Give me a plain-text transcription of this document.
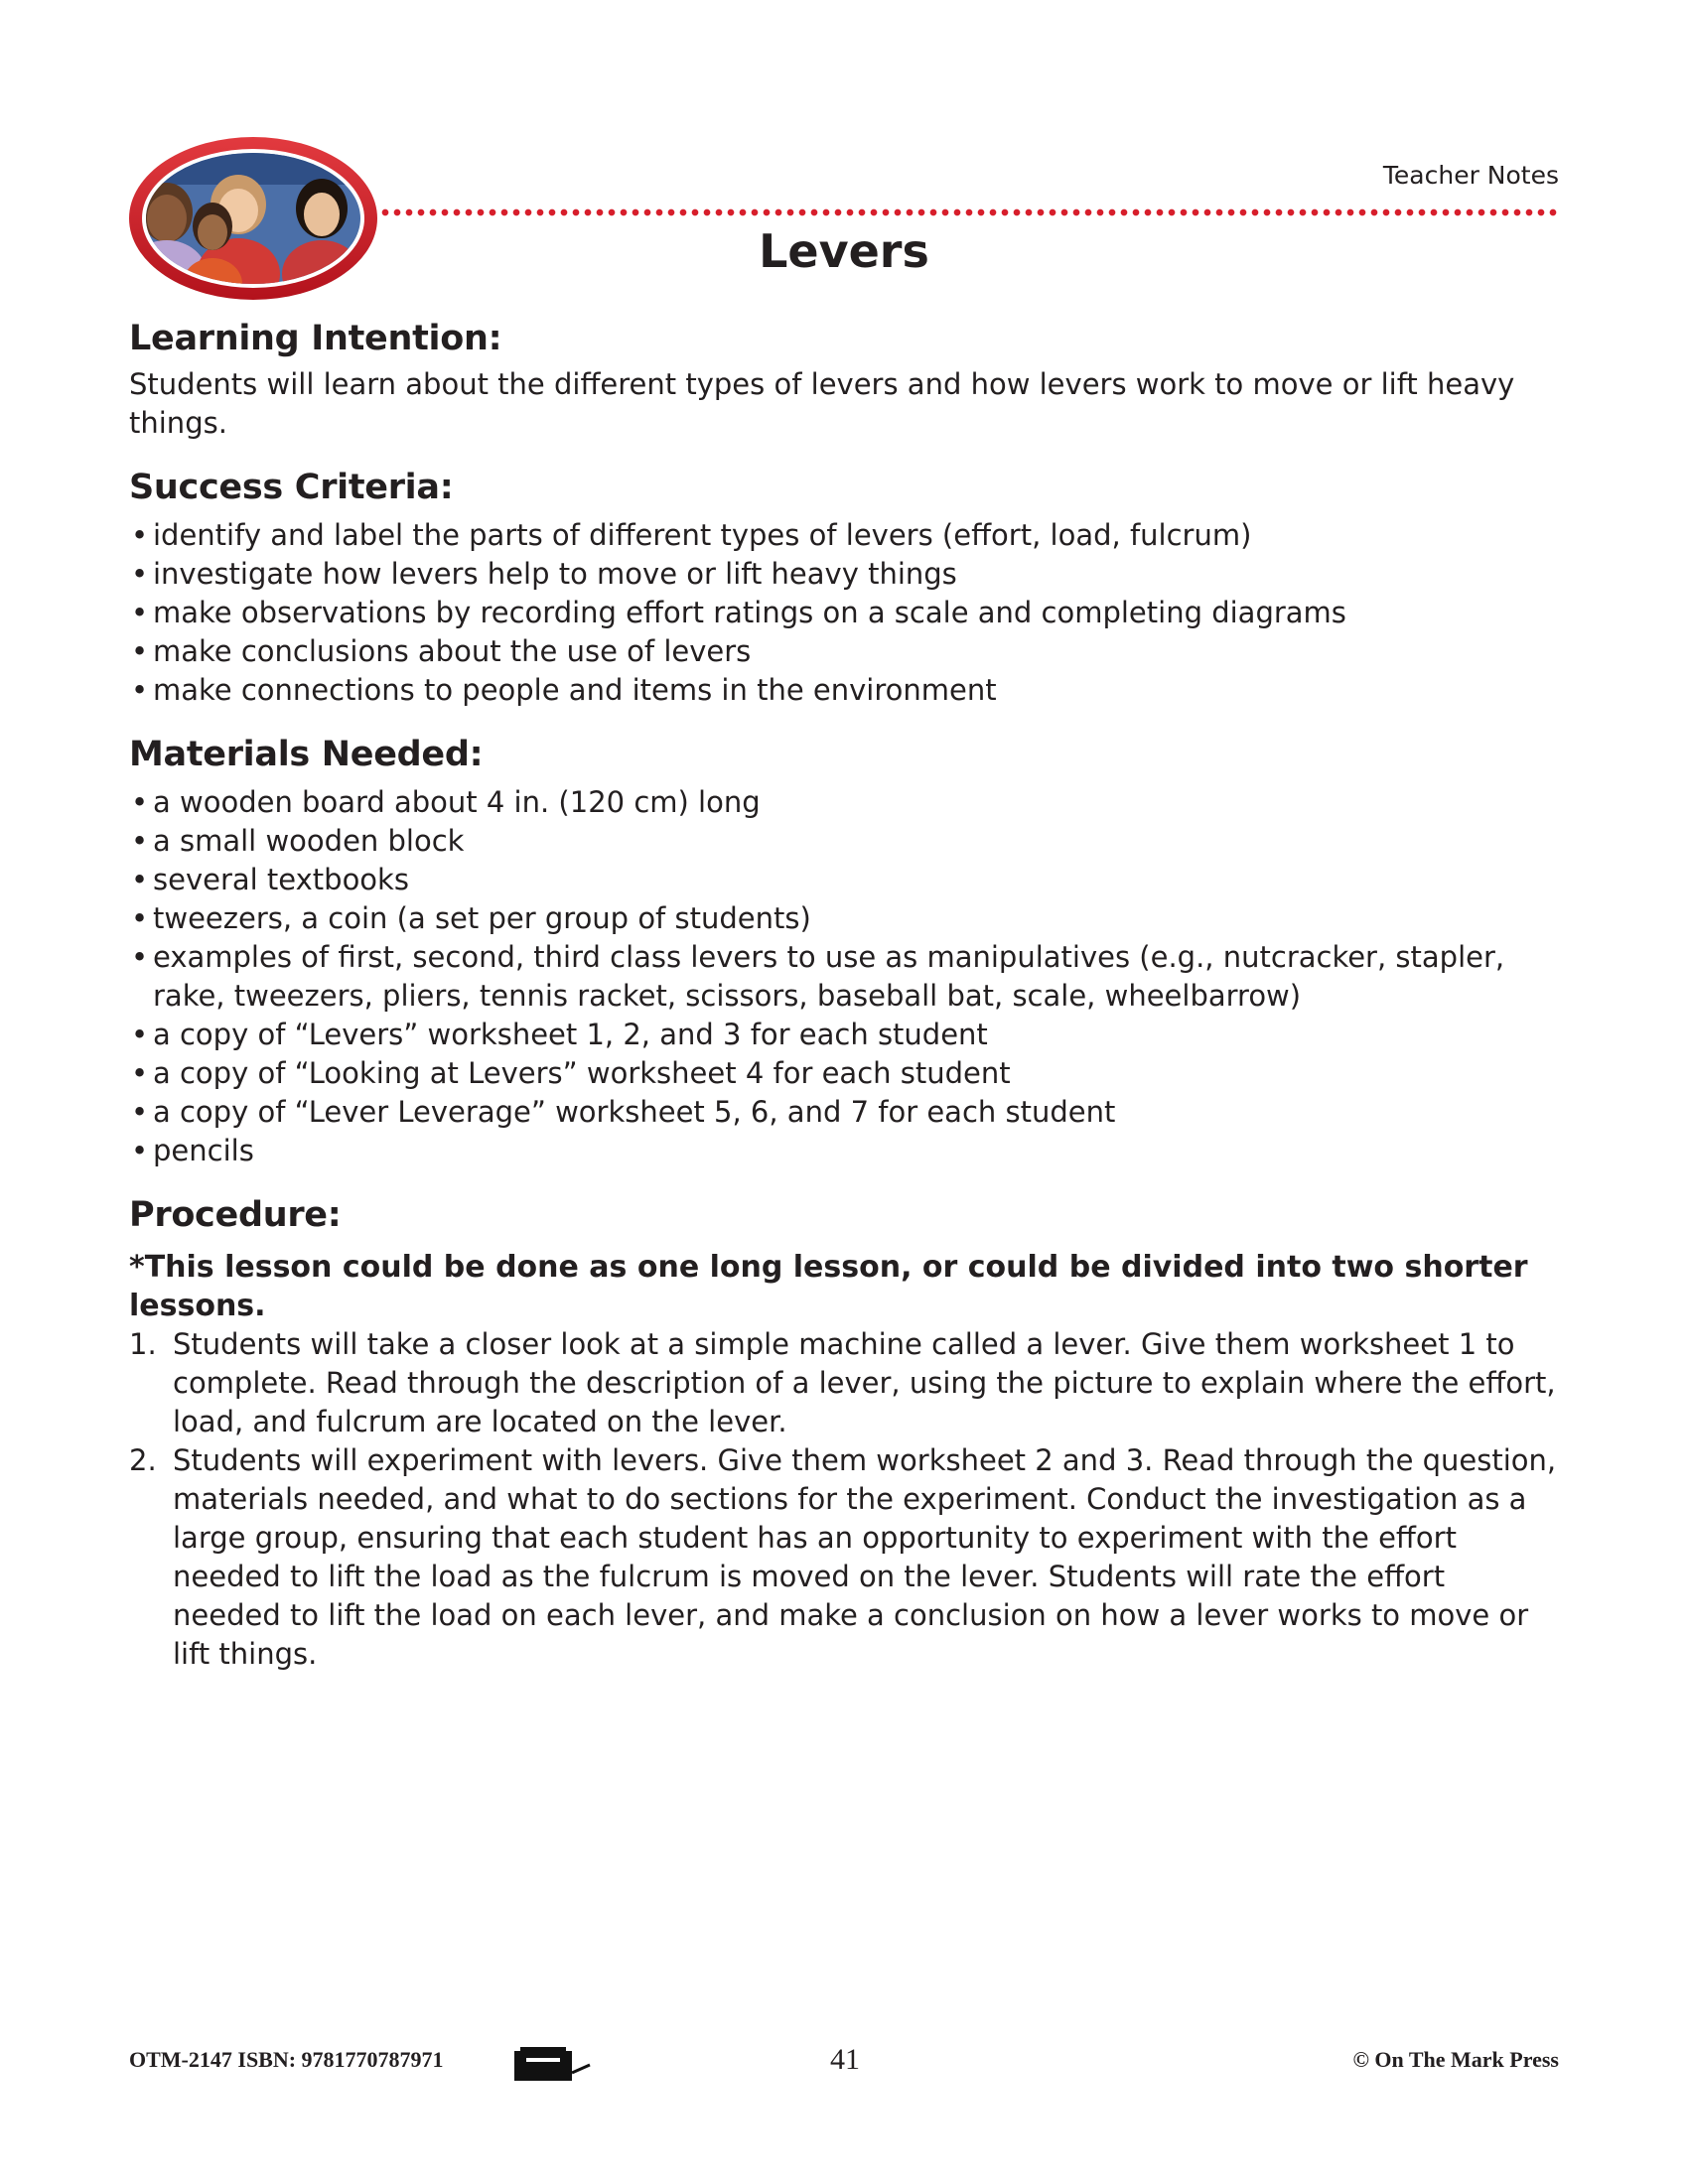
Teacher Notes
Levers
Learning Intention:

Students will learn about the different types of levers and how levers work to move or lift heavy things.

Success Criteria:
• identify and label the parts of different types of levers (effort, load, fulcrum)
• investigate how levers help to move or lift heavy things
• make observations by recording effort ratings on a scale and completing diagrams
• make conclusions about the use of levers
• make connections to people and items in the environment
Materials Needed:
• a wooden board about 4 in. (120 cm) long
• a small wooden block
• several textbooks
• tweezers, a coin (a set per group of students)
• examples of first, second, third class levers to use as manipulatives (e.g., nutcracker, stapler, rake, tweezers, pliers, tennis racket, scissors, baseball bat, scale, wheelbarrow)
• a copy of “Levers” worksheet 1, 2, and 3 for each student
• a copy of “Looking at Levers” worksheet 4 for each student
• a copy of “Lever Leverage” worksheet 5, 6, and 7 for each student
• pencils
Procedure:

*This lesson could be done as one long lesson, or could be divided into two shorter lessons.

1. Students will take a closer look at a simple machine called a lever. Give them worksheet 1 to complete. Read through the description of a lever, using the picture to explain where the effort, load, and fulcrum are located on the lever.
2. Students will experiment with levers. Give them worksheet 2 and 3. Read through the question, materials needed, and what to do sections for the experiment. Conduct the investigation as a large group, ensuring that each student has an opportunity to experiment with the effort needed to lift the load as the fulcrum is moved on the lever. Students will rate the effort needed to lift the load on each lever, and make a conclusion on how a lever works to move or lift things.
OTM-2147 ISBN: 9781770787971	41	© On The Mark Press
